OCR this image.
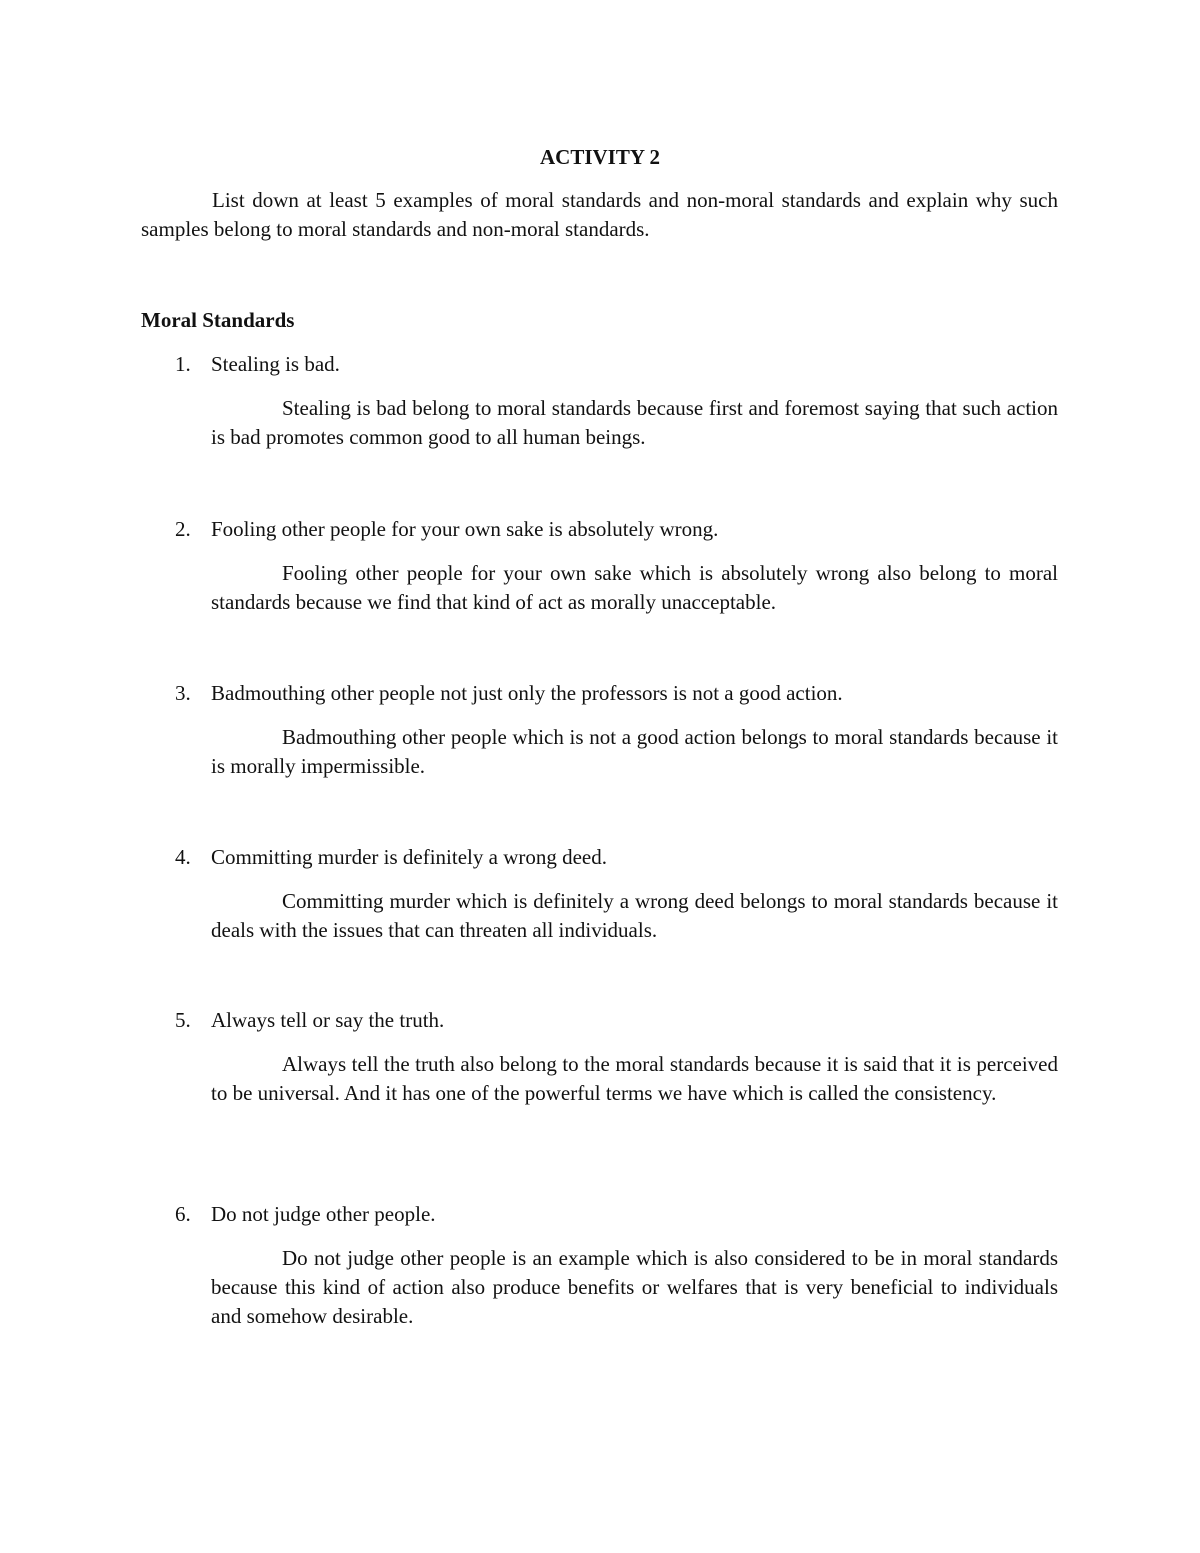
ACTIVITY 2

List down at least 5 examples of moral standards and non-moral standards and explain why such samples belong to moral standards and non-moral standards.

Moral Standards
1. Stealing is bad.
Stealing is bad belong to moral standards because first and foremost saying that such action is bad promotes common good to all human beings.
2. Fooling other people for your own sake is absolutely wrong.
Fooling other people for your own sake which is absolutely wrong also belong to moral standards because we find that kind of act as morally unacceptable.
3. Badmouthing other people not just only the professors is not a good action.
Badmouthing other people which is not a good action belongs to moral standards because it is morally impermissible.
4. Committing murder is definitely a wrong deed.
Committing murder which is definitely a wrong deed belongs to moral standards because it deals with the issues that can threaten all individuals.
5. Always tell or say the truth.
Always tell the truth also belong to the moral standards because it is said that it is perceived to be universal. And it has one of the powerful terms we have which is called the consistency.
6. Do not judge other people.
Do not judge other people is an example which is also considered to be in moral standards because this kind of action also produce benefits or welfares that is very beneficial to individuals and somehow desirable.
